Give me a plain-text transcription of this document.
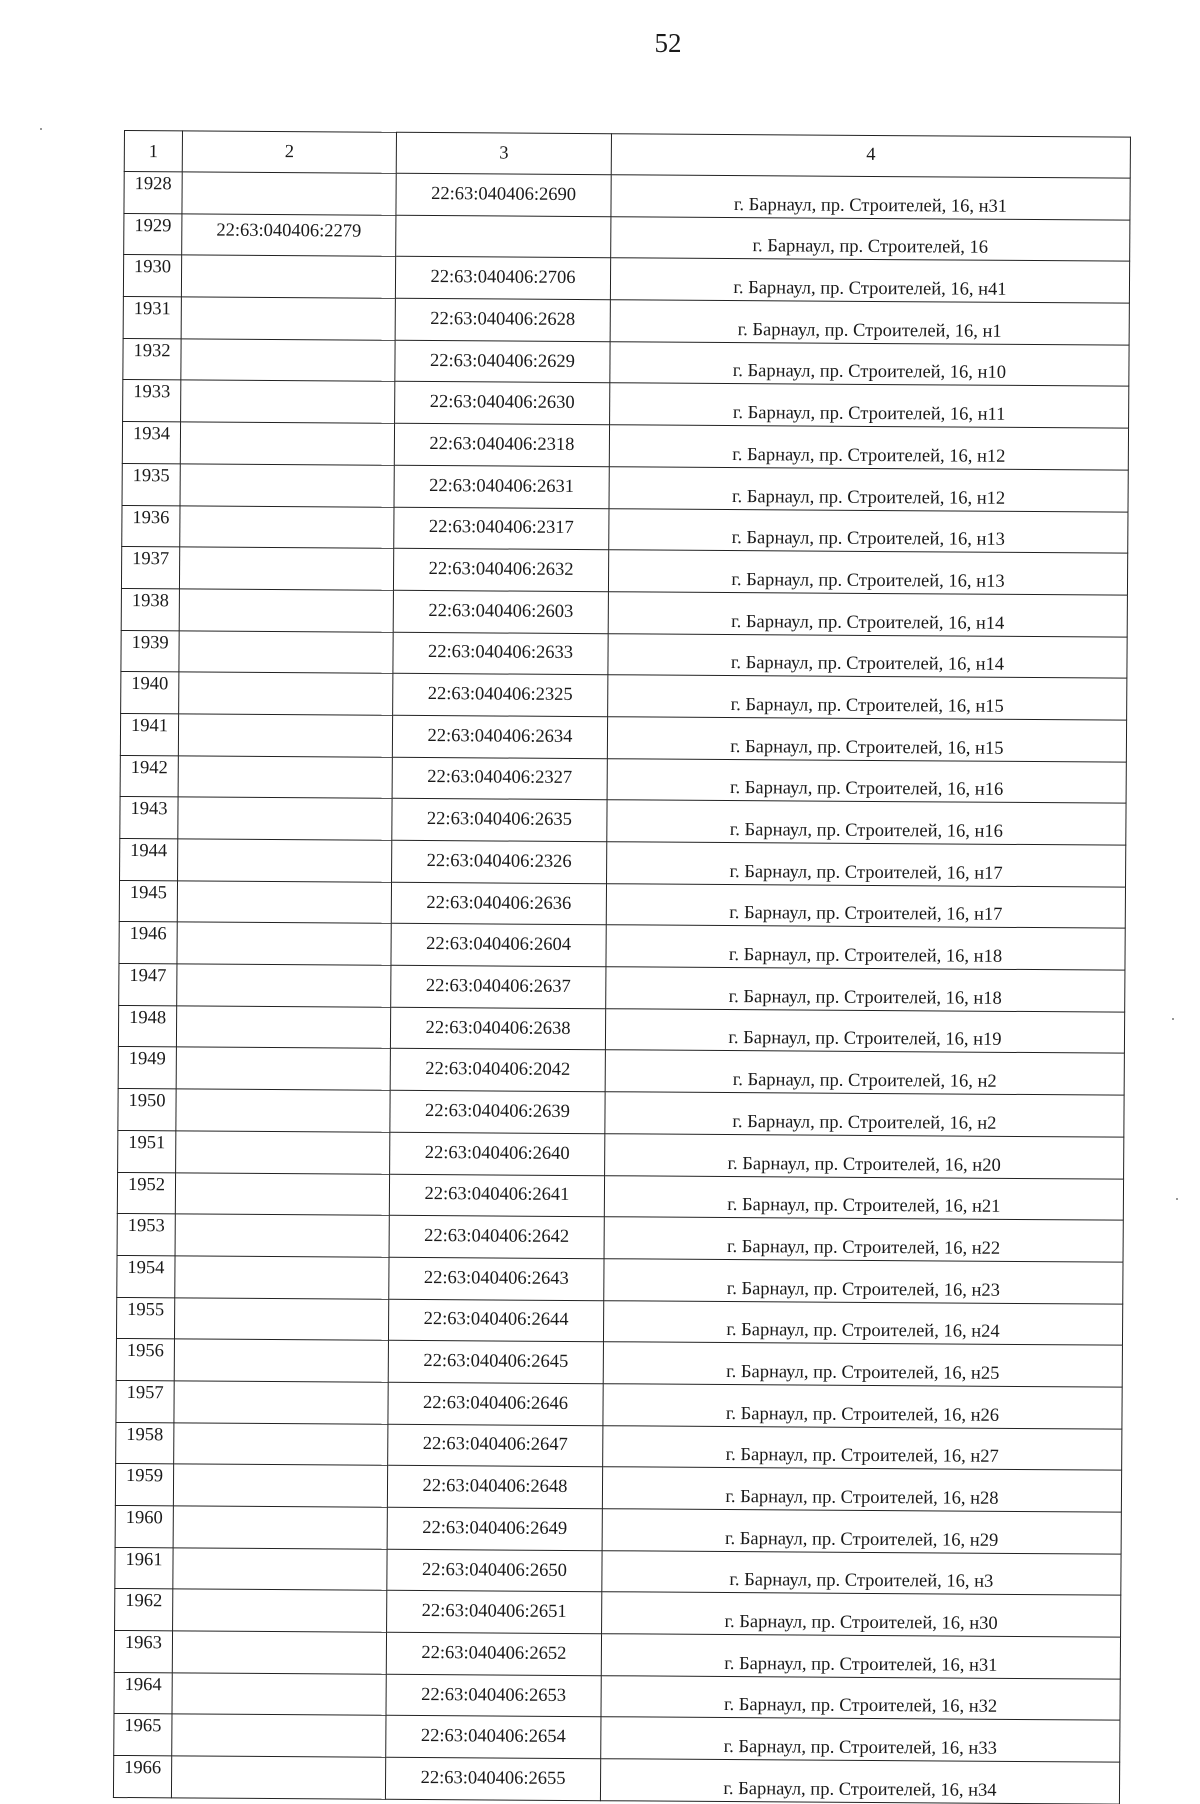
52
1	2	3	4
1928		22:63:040406:2690	г. Барнаул, пр. Строителей, 16, н31
1929	22:63:040406:2279		г. Барнаул, пр. Строителей, 16
1930		22:63:040406:2706	г. Барнаул, пр. Строителей, 16, н41
1931		22:63:040406:2628	г. Барнаул, пр. Строителей, 16, н1
1932		22:63:040406:2629	г. Барнаул, пр. Строителей, 16, н10
1933		22:63:040406:2630	г. Барнаул, пр. Строителей, 16, н11
1934		22:63:040406:2318	г. Барнаул, пр. Строителей, 16, н12
1935		22:63:040406:2631	г. Барнаул, пр. Строителей, 16, н12
1936		22:63:040406:2317	г. Барнаул, пр. Строителей, 16, н13
1937		22:63:040406:2632	г. Барнаул, пр. Строителей, 16, н13
1938		22:63:040406:2603	г. Барнаул, пр. Строителей, 16, н14
1939		22:63:040406:2633	г. Барнаул, пр. Строителей, 16, н14
1940		22:63:040406:2325	г. Барнаул, пр. Строителей, 16, н15
1941		22:63:040406:2634	г. Барнаул, пр. Строителей, 16, н15
1942		22:63:040406:2327	г. Барнаул, пр. Строителей, 16, н16
1943		22:63:040406:2635	г. Барнаул, пр. Строителей, 16, н16
1944		22:63:040406:2326	г. Барнаул, пр. Строителей, 16, н17
1945		22:63:040406:2636	г. Барнаул, пр. Строителей, 16, н17
1946		22:63:040406:2604	г. Барнаул, пр. Строителей, 16, н18
1947		22:63:040406:2637	г. Барнаул, пр. Строителей, 16, н18
1948		22:63:040406:2638	г. Барнаул, пр. Строителей, 16, н19
1949		22:63:040406:2042	г. Барнаул, пр. Строителей, 16, н2
1950		22:63:040406:2639	г. Барнаул, пр. Строителей, 16, н2
1951		22:63:040406:2640	г. Барнаул, пр. Строителей, 16, н20
1952		22:63:040406:2641	г. Барнаул, пр. Строителей, 16, н21
1953		22:63:040406:2642	г. Барнаул, пр. Строителей, 16, н22
1954		22:63:040406:2643	г. Барнаул, пр. Строителей, 16, н23
1955		22:63:040406:2644	г. Барнаул, пр. Строителей, 16, н24
1956		22:63:040406:2645	г. Барнаул, пр. Строителей, 16, н25
1957		22:63:040406:2646	г. Барнаул, пр. Строителей, 16, н26
1958		22:63:040406:2647	г. Барнаул, пр. Строителей, 16, н27
1959		22:63:040406:2648	г. Барнаул, пр. Строителей, 16, н28
1960		22:63:040406:2649	г. Барнаул, пр. Строителей, 16, н29
1961		22:63:040406:2650	г. Барнаул, пр. Строителей, 16, н3
1962		22:63:040406:2651	г. Барнаул, пр. Строителей, 16, н30
1963		22:63:040406:2652	г. Барнаул, пр. Строителей, 16, н31
1964		22:63:040406:2653	г. Барнаул, пр. Строителей, 16, н32
1965		22:63:040406:2654	г. Барнаул, пр. Строителей, 16, н33
1966		22:63:040406:2655	г. Барнаул, пр. Строителей, 16, н34
